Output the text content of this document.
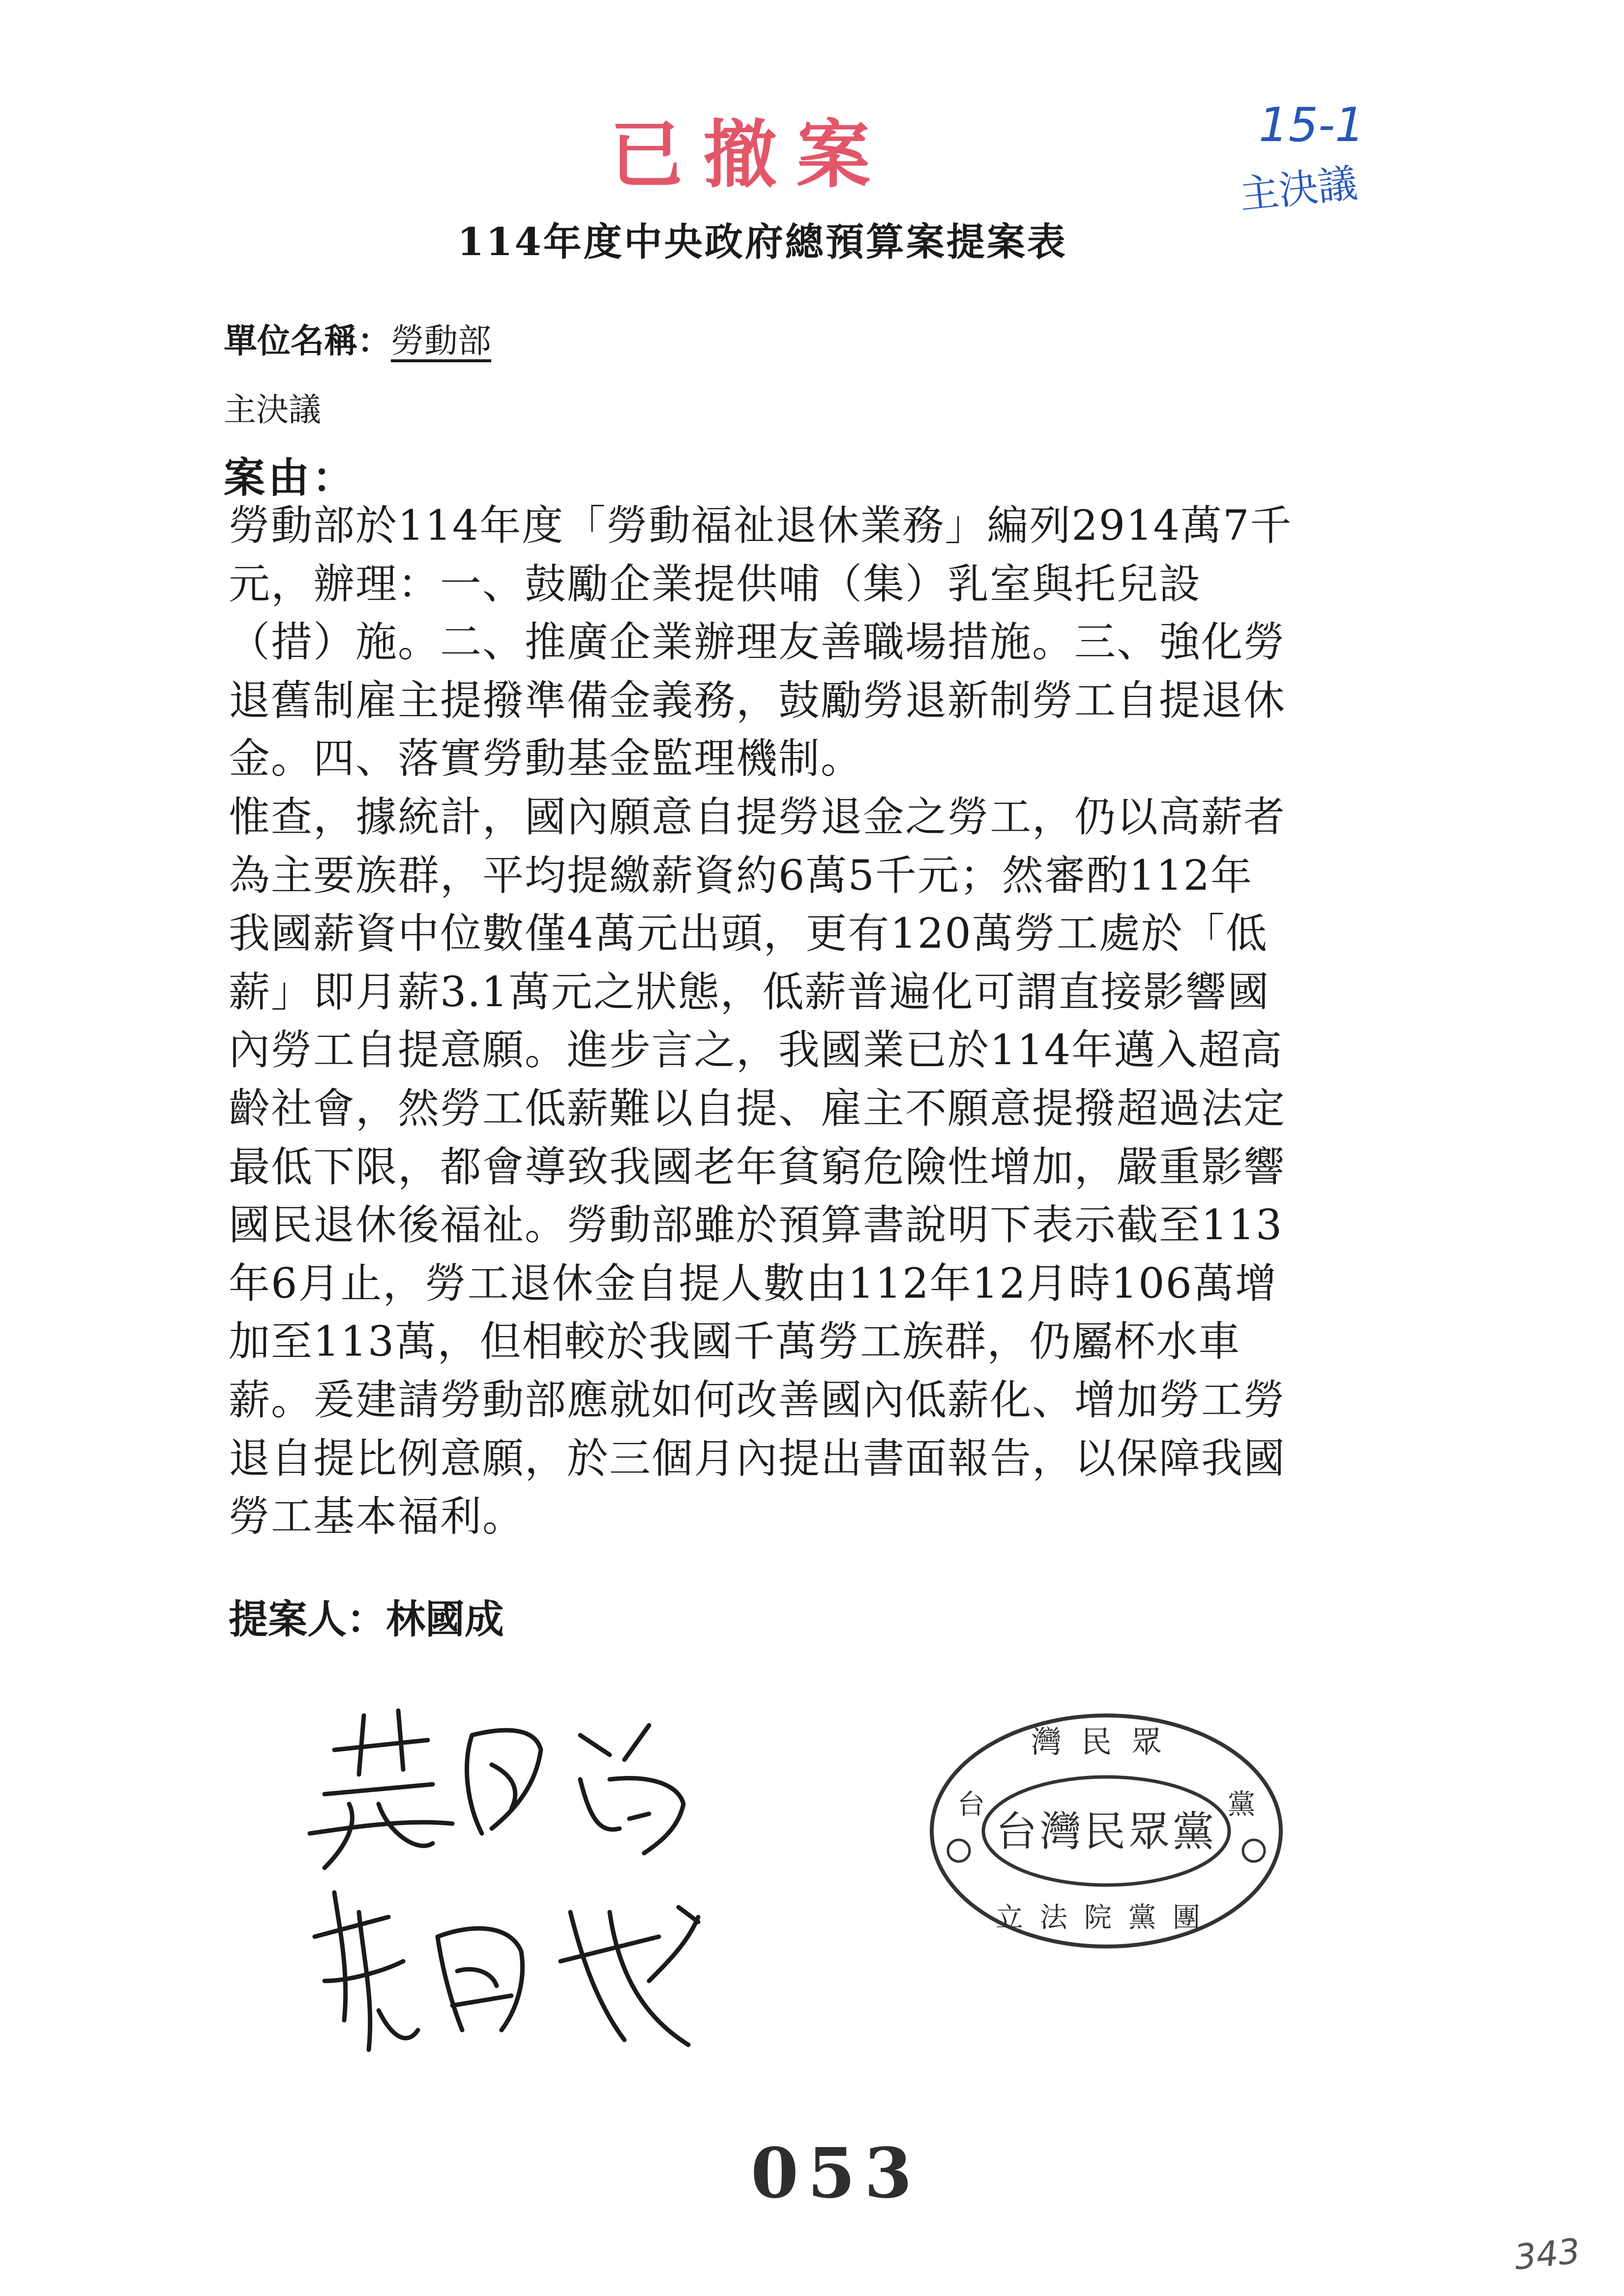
已撤案	15-1
主決議
114年度中央政府總預算案提案表
單位名稱：勞動部
主決議
案由：
勞動部於114年度「勞動福祉退休業務」編列2914萬7千
元，辦理：一、鼓勵企業提供哺（集）乳室與托兒設
（措）施。二、推廣企業辦理友善職場措施。三、強化勞
退舊制雇主提撥準備金義務，鼓勵勞退新制勞工自提退休
金。四、落實勞動基金監理機制。
惟查，據統計，國內願意自提勞退金之勞工，仍以高薪者
為主要族群，平均提繳薪資約6萬5千元；然審酌112年
我國薪資中位數僅4萬元出頭，更有120萬勞工處於「低
薪」即月薪3.1萬元之狀態，低薪普遍化可謂直接影響國
內勞工自提意願。進步言之，我國業已於114年邁入超高
齡社會，然勞工低薪難以自提、雇主不願意提撥超過法定
最低下限，都會導致我國老年貧窮危險性增加，嚴重影響
國民退休後福祉。勞動部雖於預算書說明下表示截至113
年6月止，勞工退休金自提人數由112年12月時106萬增
加至113萬，但相較於我國千萬勞工族群，仍屬杯水車
薪。爰建請勞動部應就如何改善國內低薪化、增加勞工勞
退自提比例意願，於三個月內提出書面報告，以保障我國
勞工基本福利。
提案人：林國成
灣民眾
台	黨
台灣民眾黨
立法院黨團
053
343
